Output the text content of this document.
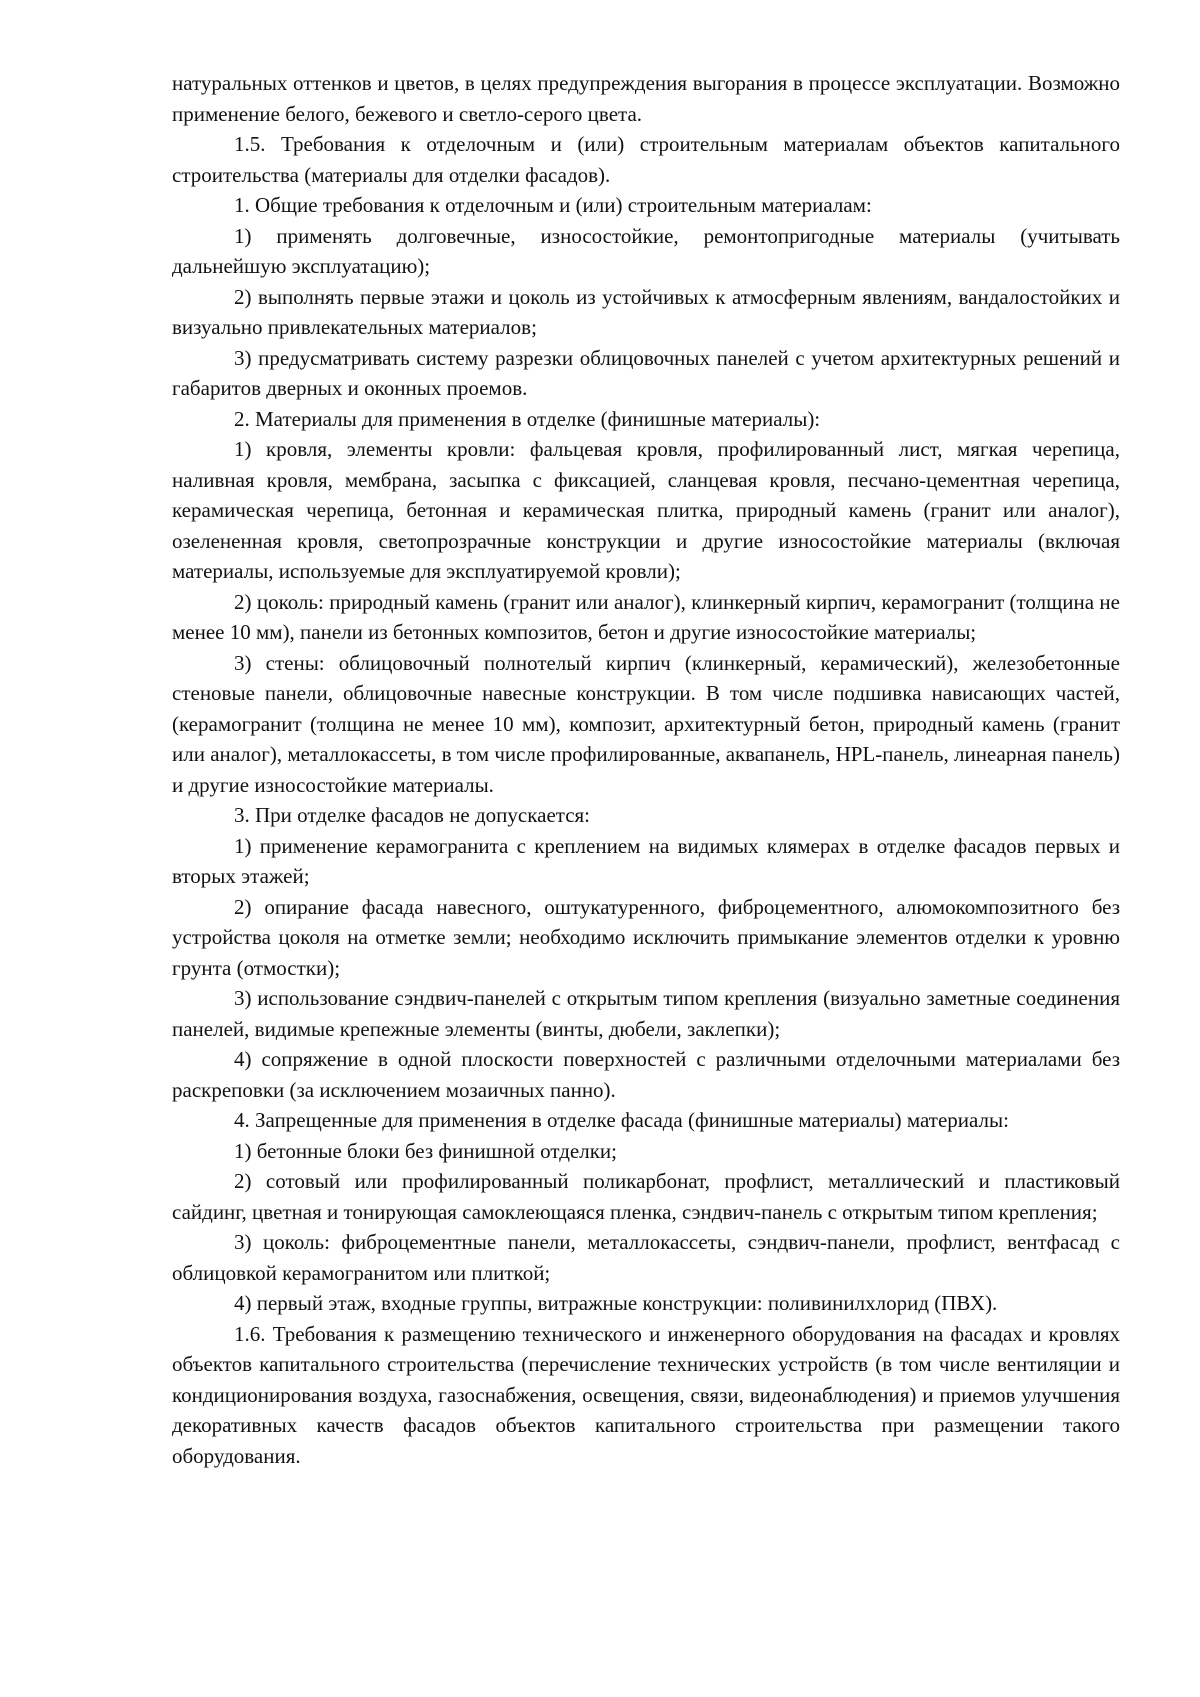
натуральных оттенков и цветов, в целях предупреждения выгорания в процессе эксплуатации. Возможно применение белого, бежевого и светло-серого цвета.

1.5. Требования к отделочным и (или) строительным материалам объектов капитального строительства (материалы для отделки фасадов).

1. Общие требования к отделочным и (или) строительным материалам:

1) применять долговечные, износостойкие, ремонтопригодные материалы (учитывать дальнейшую эксплуатацию);

2) выполнять первые этажи и цоколь из устойчивых к атмосферным явлениям, вандалостойких и визуально привлекательных материалов;

3) предусматривать систему разрезки облицовочных панелей с учетом архитектурных решений и габаритов дверных и оконных проемов.

2. Материалы для применения в отделке (финишные материалы):

1) кровля, элементы кровли: фальцевая кровля, профилированный лист, мягкая черепица, наливная кровля, мембрана, засыпка с фиксацией, сланцевая кровля, песчано-цементная черепица, керамическая черепица, бетонная и керамическая плитка, природный камень (гранит или аналог), озелененная кровля, светопрозрачные конструкции и другие износостойкие материалы (включая материалы, используемые для эксплуатируемой кровли);

2) цоколь: природный камень (гранит или аналог), клинкерный кирпич, керамогранит (толщина не менее 10 мм), панели из бетонных композитов, бетон и другие износостойкие материалы;

3) стены: облицовочный полнотелый кирпич (клинкерный, керамический), железобетонные стеновые панели, облицовочные навесные конструкции. В том числе подшивка нависающих частей, (керамогранит (толщина не менее 10 мм), композит, архитектурный бетон, природный камень (гранит или аналог), металлокассеты, в том числе профилированные, аквапанель, HPL-панель, линеарная панель) и другие износостойкие материалы.

3. При отделке фасадов не допускается:

1) применение керамогранита с креплением на видимых клямерах в отделке фасадов первых и вторых этажей;

2) опирание фасада навесного, оштукатуренного, фиброцементного, алюмокомпозитного без устройства цоколя на отметке земли; необходимо исключить примыкание элементов отделки к уровню грунта (отмостки);

3) использование сэндвич-панелей с открытым типом крепления (визуально заметные соединения панелей, видимые крепежные элементы (винты, дюбели, заклепки);

4) сопряжение в одной плоскости поверхностей с различными отделочными материалами без раскреповки (за исключением мозаичных панно).

4. Запрещенные для применения в отделке фасада (финишные материалы) материалы:

1) бетонные блоки без финишной отделки;

2) сотовый или профилированный поликарбонат, профлист, металлический и пластиковый сайдинг, цветная и тонирующая самоклеющаяся пленка, сэндвич-панель с открытым типом крепления;

3) цоколь: фиброцементные панели, металлокассеты, сэндвич-панели, профлист, вентфасад с облицовкой керамогранитом или плиткой;

4) первый этаж, входные группы, витражные конструкции: поливинилхлорид (ПВХ).

1.6. Требования к размещению технического и инженерного оборудования на фасадах и кровлях объектов капитального строительства (перечисление технических устройств (в том числе вентиляции и кондиционирования воздуха, газоснабжения, освещения, связи, видеонаблюдения) и приемов улучшения декоративных качеств фасадов объектов капитального строительства при размещении такого оборудования.
